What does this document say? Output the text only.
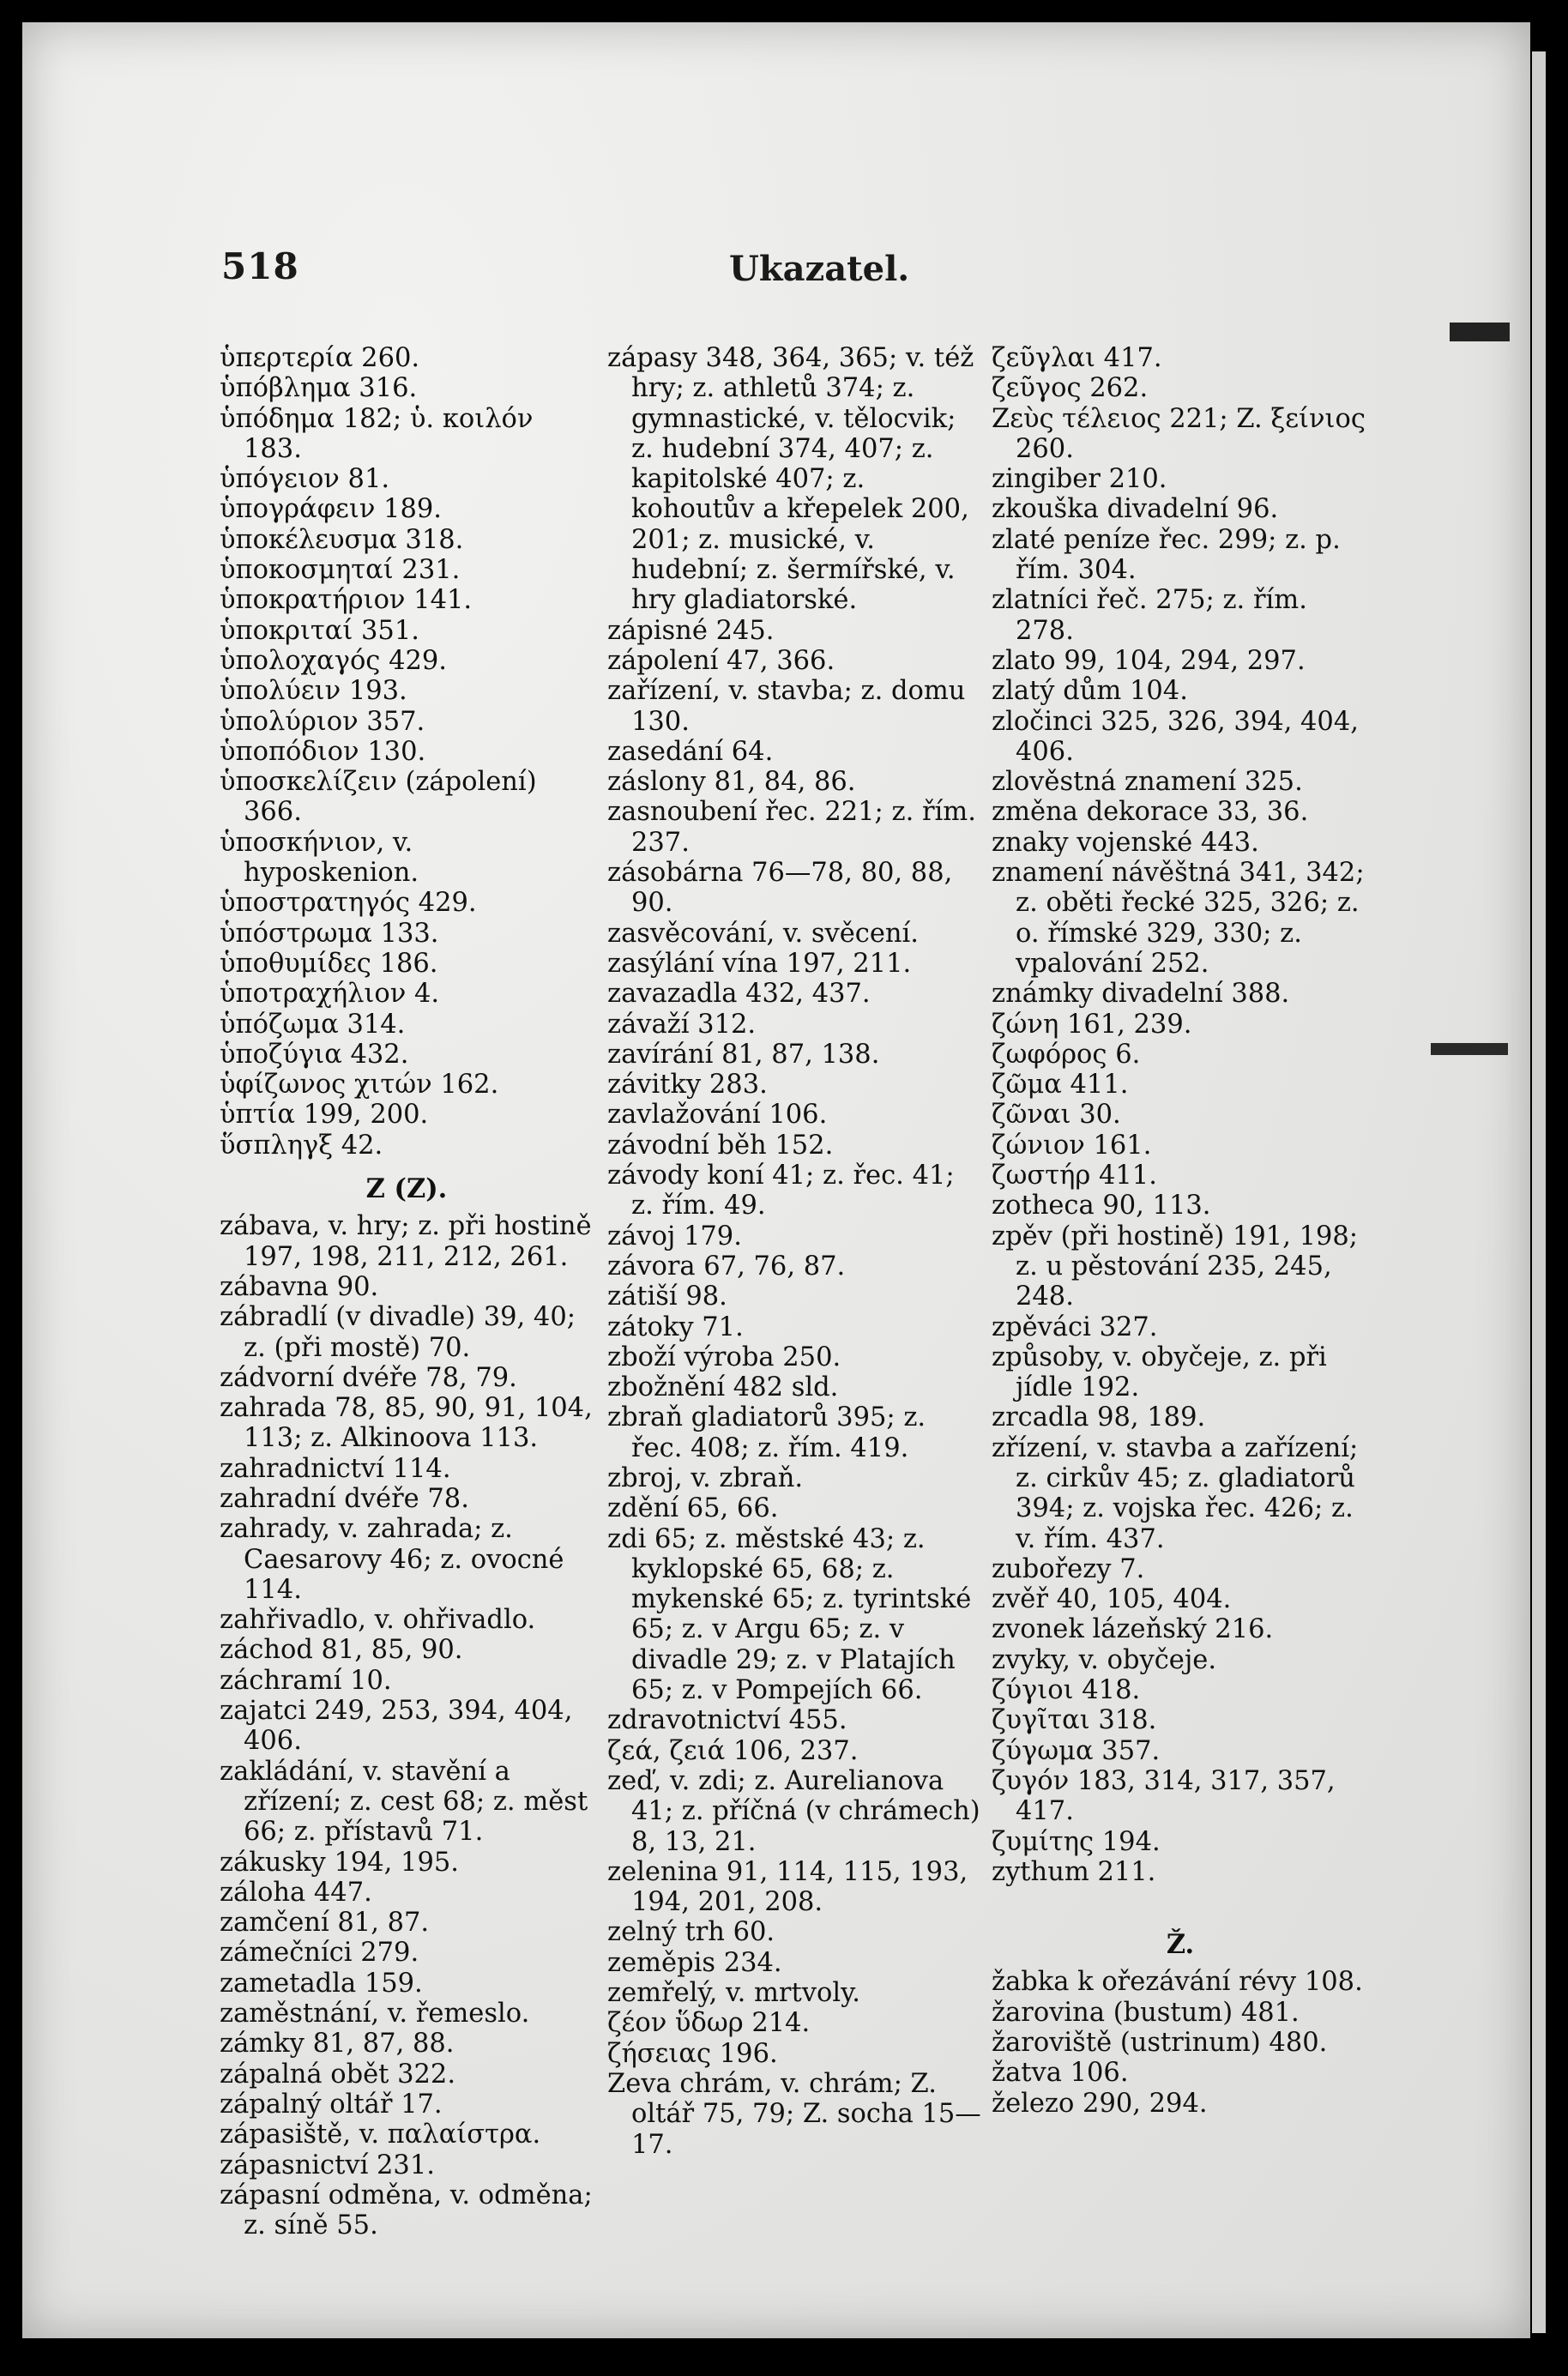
518	Ukazatel.
ὑπερτερία 260.
ὑπόβλημα 316.
ὑπόδημα 182; ὑ. κοιλόν 183.
ὑπόγειον 81.
ὑπογράφειν 189.
ὑποκέλευσμα 318.
ὑποκοσμηταί 231.
ὑποκρατήριον 141.
ὑποκριταί 351.
ὑπολοχαγός 429.
ὑπολύειν 193.
ὑπολύριον 357.
ὑποπόδιον 130.
ὑποσκελίζειν (zápolení) 366.
ὑποσκήνιον, v. hyposkenion.
ὑποστρατηγός 429.
ὑπόστρωμα 133.
ὑποθυμίδες 186.
ὑποτραχήλιον 4.
ὑπόζωμα 314.
ὑποζύγια 432.
ὑφίζωνος χιτών 162.
ὑπτία 199, 200.
ὕσπληγξ 42.
Z (Z).
zábava, v. hry; z. při hostině 197, 198, 211, 212, 261.
zábavna 90.
zábradlí (v divadle) 39, 40; z. (při mostě) 70.
zádvorní dvéře 78, 79.
zahrada 78, 85, 90, 91, 104, 113; z. Alkinoova 113.
zahradnictví 114.
zahradní dvéře 78.
zahrady, v. zahrada; z. Caesarovy 46; z. ovocné 114.
zahřivadlo, v. ohřivadlo.
záchod 81, 85, 90.
záchramí 10.
zajatci 249, 253, 394, 404, 406.
zakládání, v. stavění a zřízení; z. cest 68; z. měst 66; z. přístavů 71.
zákusky 194, 195.
záloha 447.
zamčení 81, 87.
zámečníci 279.
zametadla 159.
zaměstnání, v. řemeslo.
zámky 81, 87, 88.
zápalná obět 322.
zápalný oltář 17.
zápasiště, v. παλαίστρα.
zápasnictví 231.
zápasní odměna, v. odměna; z. síně 55.
zápasy 348, 364, 365; v. též hry; z. athletů 374; z. gymnastické, v. tělocvik; z. hudební 374, 407; z. kapitolské 407; z. kohoutův a křepelek 200, 201; z. musické, v. hudební; z. šermířské, v. hry gladiatorské.
zápisné 245.
zápolení 47, 366.
zařízení, v. stavba; z. domu 130.
zasedání 64.
záslony 81, 84, 86.
zasnoubení řec. 221; z. řím. 237.
zásobárna 76—78, 80, 88, 90.
zasvěcování, v. svěcení.
zasýlání vína 197, 211.
zavazadla 432, 437.
závaží 312.
zavírání 81, 87, 138.
závitky 283.
zavlažování 106.
závodní běh 152.
závody koní 41; z. řec. 41; z. řím. 49.
závoj 179.
závora 67, 76, 87.
zátiší 98.
zátoky 71.
zboží výroba 250.
zbožnění 482 sld.
zbraň gladiatorů 395; z. řec. 408; z. řím. 419.
zbroj, v. zbraň.
zdění 65, 66.
zdi 65; z. městské 43; z. kyklopské 65, 68; z. mykenské 65; z. tyrintské 65; z. v Argu 65; z. v divadle 29; z. v Platajích 65; z. v Pompejích 66.
zdravotnictví 455.
ζεά, ζειά 106, 237.
zeď, v. zdi; z. Aurelianova 41; z. příčná (v chrámech) 8, 13, 21.
zelenina 91, 114, 115, 193, 194, 201, 208.
zelný trh 60.
zeměpis 234.
zemřelý, v. mrtvoly.
ζέον ὕδωρ 214.
ζήσειας 196.
Zeva chrám, v. chrám; Z. oltář 75, 79; Z. socha 15—17.
ζεῦγλαι 417.
ζεῦγος 262.
Ζεὺς τέλειος 221; Z. ξείνιος 260.
zingiber 210.
zkouška divadelní 96.
zlaté peníze řec. 299; z. p. řím. 304.
zlatníci řeč. 275; z. řím. 278.
zlato 99, 104, 294, 297.
zlatý dům 104.
zločinci 325, 326, 394, 404, 406.
zlověstná znamení 325.
změna dekorace 33, 36.
znaky vojenské 443.
znamení návěštná 341, 342; z. oběti řecké 325, 326; z. o. římské 329, 330; z. vpalování 252.
známky divadelní 388.
ζώνη 161, 239.
ζωφόρος 6.
ζῶμα 411.
ζῶναι 30.
ζώνιον 161.
ζωστήρ 411.
zotheca 90, 113.
zpěv (při hostině) 191, 198; z. u pěstování 235, 245, 248.
zpěváci 327.
způsoby, v. obyčeje, z. při jídle 192.
zrcadla 98, 189.
zřízení, v. stavba a zařízení; z. cirkův 45; z. gladiatorů 394; z. vojska řec. 426; z. v. řím. 437.
zubořezy 7.
zvěř 40, 105, 404.
zvonek lázeňský 216.
zvyky, v. obyčeje.
ζύγιοι 418.
ζυγῖται 318.
ζύγωμα 357.
ζυγόν 183, 314, 317, 357, 417.
ζυμίτης 194.
zythum 211.
Ž.
žabka k ořezávání révy 108.
žarovina (bustum) 481.
žaroviště (ustrinum) 480.
žatva 106.
železo 290, 294.
